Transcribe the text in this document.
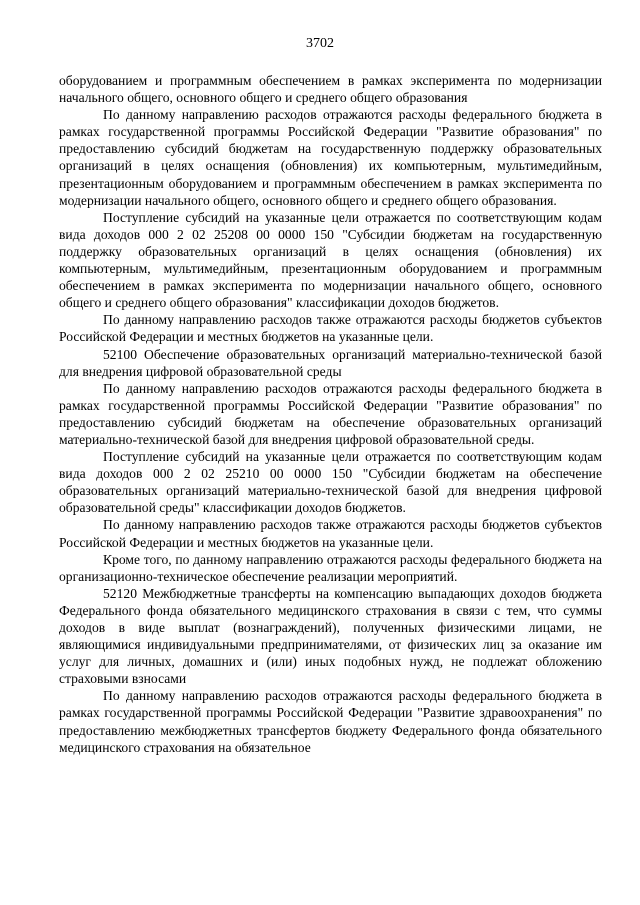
3702

оборудованием и программным обеспечением в рамках эксперимента по модернизации начального общего, основного общего и среднего общего образования

По данному направлению расходов отражаются расходы федерального бюджета в рамках государственной программы Российской Федерации "Развитие образования" по предоставлению субсидий бюджетам на государственную поддержку образовательных организаций в целях оснащения (обновления) их компьютерным, мультимедийным, презентационным оборудованием и программным обеспечением в рамках эксперимента по модернизации начального общего, основного общего и среднего общего образования.

Поступление субсидий на указанные цели отражается по соответствующим кодам вида доходов 000 2 02 25208 00 0000 150 "Субсидии бюджетам на государственную поддержку образовательных организаций в целях оснащения (обновления) их компьютерным, мультимедийным, презентационным оборудованием и программным обеспечением в рамках эксперимента по модернизации начального общего, основного общего и среднего общего образования" классификации доходов бюджетов.

По данному направлению расходов также отражаются расходы бюджетов субъектов Российской Федерации и местных бюджетов на указанные цели.

52100 Обеспечение образовательных организаций материально-технической базой для внедрения цифровой образовательной среды

По данному направлению расходов отражаются расходы федерального бюджета в рамках государственной программы Российской Федерации "Развитие образования" по предоставлению субсидий бюджетам на обеспечение образовательных организаций материально-технической базой для внедрения цифровой образовательной среды.

Поступление субсидий на указанные цели отражается по соответствующим кодам вида доходов 000 2 02 25210 00 0000 150 "Субсидии бюджетам на обеспечение образовательных организаций материально-технической базой для внедрения цифровой образовательной среды" классификации доходов бюджетов.

По данному направлению расходов также отражаются расходы бюджетов субъектов Российской Федерации и местных бюджетов на указанные цели.

Кроме того, по данному направлению отражаются расходы федерального бюджета на организационно-техническое обеспечение реализации мероприятий.

52120 Межбюджетные трансферты на компенсацию выпадающих доходов бюджета Федерального фонда обязательного медицинского страхования в связи с тем, что суммы доходов в виде выплат (вознаграждений), полученных физическими лицами, не являющимися индивидуальными предпринимателями, от физических лиц за оказание им услуг для личных, домашних и (или) иных подобных нужд, не подлежат обложению страховыми взносами

По данному направлению расходов отражаются расходы федерального бюджета в рамках государственной программы Российской Федерации "Развитие здравоохранения" по предоставлению межбюджетных трансфертов бюджету Федерального фонда обязательного медицинского страхования на обязательное
